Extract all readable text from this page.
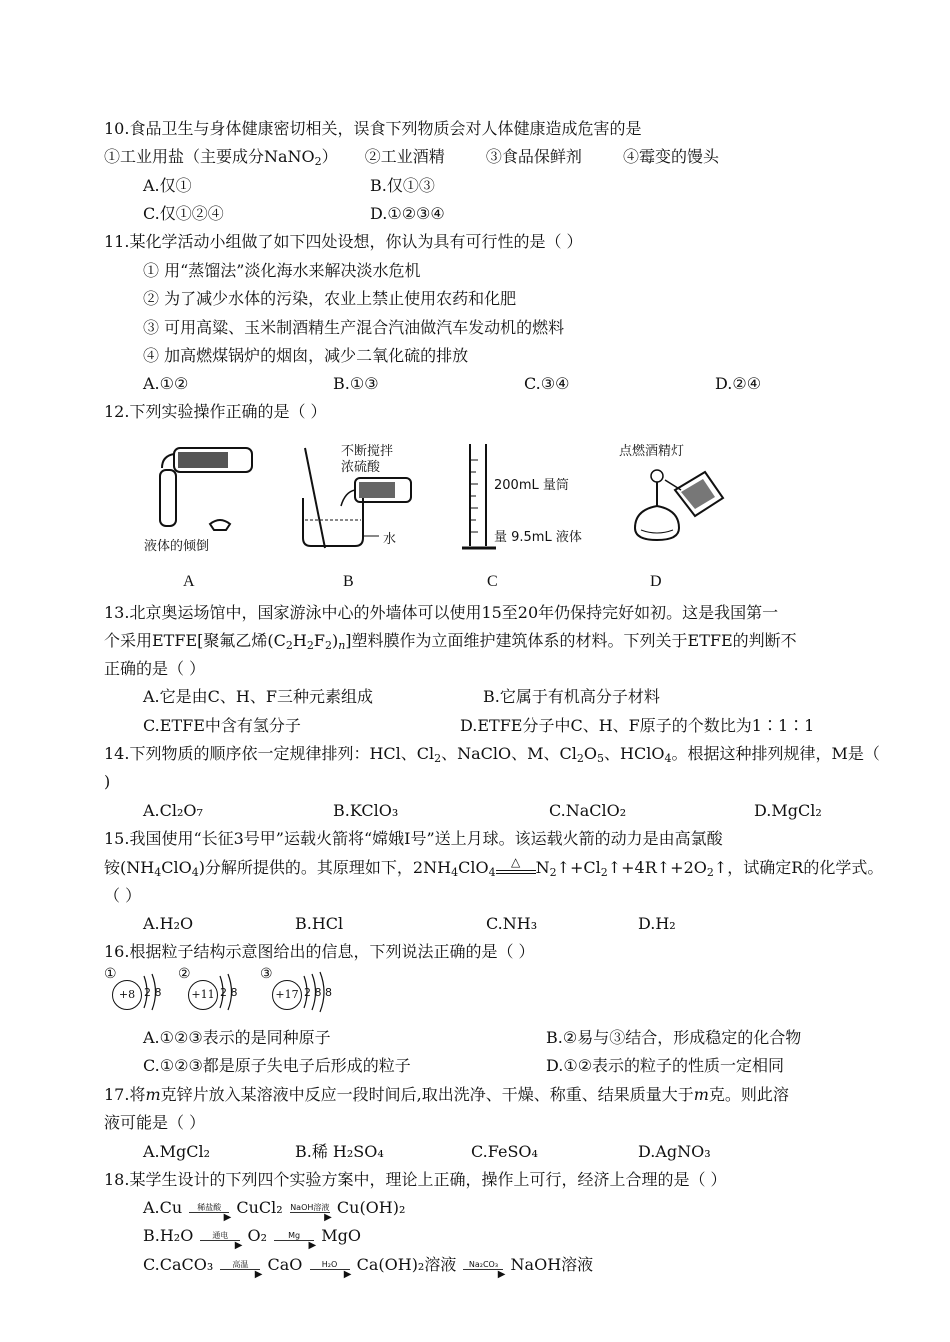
10.食品卫生与身体健康密切相关，误食下列物质会对人体健康造成危害的是
①工业用盐（主要成分NaNO$_2$） ②工业酒精	③食品保鲜剂	④霉变的馒头
A.仅①	B.仅①③
C.仅①②④	D.①②③④
11.某化学活动小组做了如下四处设想，你认为具有可行性的是（ ）
① 用“蒸馏法”淡化海水来解决淡水危机
② 为了减少水体的污染，农业上禁止使用农药和化肥
③ 可用高粱、玉米制酒精生产混合汽油做汽车发动机的燃料
④ 加高燃煤锅炉的烟囱，减少二氧化硫的排放
A.①②	B.①③	C.③④	D.②④
12.下列实验操作正确的是（ ）
液体的倾倒
不断搅拌
浓硫酸
水
200mL 量筒
量 9.5mL 液体
点燃酒精灯
A	B	C	D
13.北京奥运场馆中，国家游泳中心的外墙体可以使用15至20年仍保持完好如初。这是我国第一
个采用ETFE[聚氟乙烯$(C_2H_2F_2)_n$]塑料膜作为立面维护建筑体系的材料。下列关于ETFE的判断不
正确的是（ ）
A.它是由C、H、F三种元素组成	B.它属于有机高分子材料
C.ETFE中含有氢分子	D.ETFE分子中C、H、F原子的个数比为1∶1∶1
14.下列物质的顺序依一定规律排列：HCl、$Cl_2$、NaClO、M、$Cl_2O_5$、HClO$_4$。根据这种排列规律，M是（
)
A.Cl₂O₇	B.KClO₃	C.NaClO₂	D.MgCl₂
15.我国使用“长征3号甲”运载火箭将“嫦娥Ⅰ号”送上月球。该运载火箭的动力是由高氯酸
铵$(NH_4ClO_4)$分解所提供的。其原理如下，$2NH_4ClO_4$
△ $N_2↑+Cl_2↑+4R↑+2O_2↑$，试确定R的化学式。
（ ）
A.H₂O	B.HCl	C.NH₃	D.H₂
16.根据粒子结构示意图给出的信息，下列说法正确的是（ ）
①
+8 2 8
②
+11 2 8
③
+17 2 8 8
A.①②③表示的是同种原子	B.②易与③结合，形成稳定的化合物
C.①②③都是原子失电子后形成的粒子	D.①②表示的粒子的性质一定相同
17.将m克锌片放入某溶液中反应一段时间后,取出洗净、干燥、称重、结果质量大于m克。则此溶
液可能是（ ）
A.MgCl₂	B.稀 H₂SO₄	C.FeSO₄	D.AgNO₃
18.某学生设计的下列四个实验方案中，理论上正确，操作上可行，经济上合理的是（ ）
A.Cu	稀盐酸
▶ CuCl₂ NaOH溶液
▶ Cu(OH)₂
B.H₂O	通电
▶ O₂	Mg
▶ MgO
C.CaCO₃	高温
▶ CaO	H₂O
▶ Ca(OH)₂溶液	Na₂CO₃
▶ NaOH溶液
